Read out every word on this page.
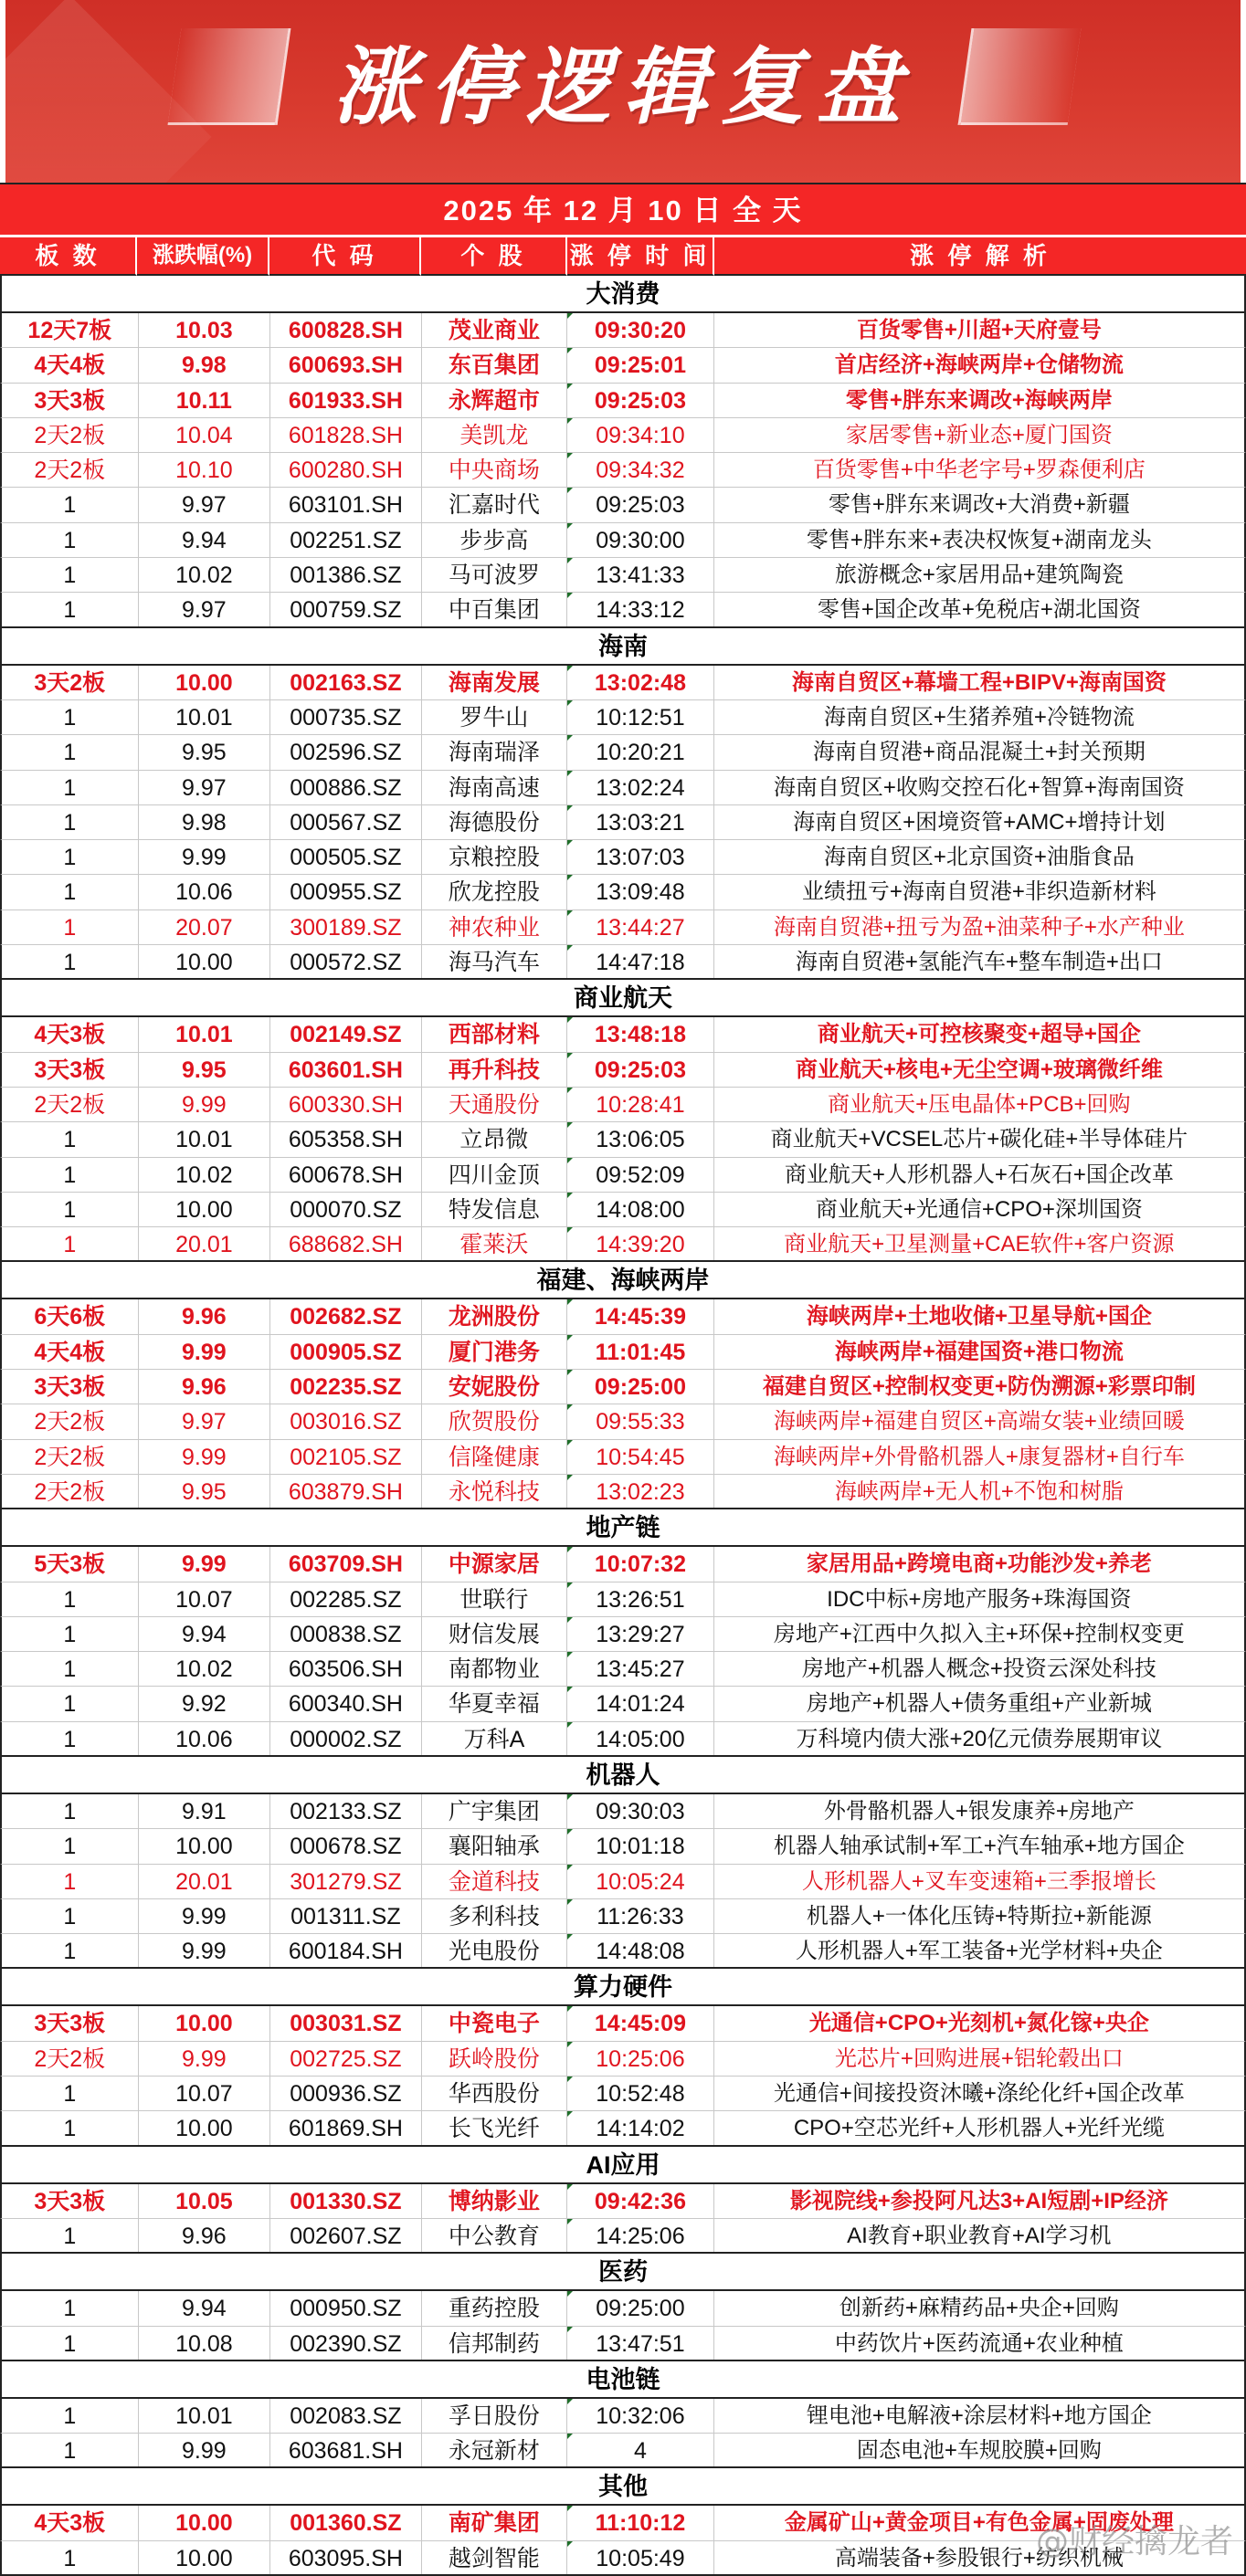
涨停逻辑复盘
2025 年 12 月 10 日 全 天
板 数	涨跌幅(%)	代 码	个 股	涨 停 时 间	涨 停 解 析
大消费
12天7板	10.03	600828.SH	茂业商业	09:30:20	百货零售+川超+天府壹号
4天4板	9.98	600693.SH	东百集团	09:25:01	首店经济+海峡两岸+仓储物流
3天3板	10.11	601933.SH	永辉超市	09:25:03	零售+胖东来调改+海峡两岸
2天2板	10.04	601828.SH	美凯龙	09:34:10	家居零售+新业态+厦门国资
2天2板	10.10	600280.SH	中央商场	09:34:32	百货零售+中华老字号+罗森便利店
1	9.97	603101.SH	汇嘉时代	09:25:03	零售+胖东来调改+大消费+新疆
1	9.94	002251.SZ	步步高	09:30:00	零售+胖东来+表决权恢复+湖南龙头
1	10.02	001386.SZ	马可波罗	13:41:33	旅游概念+家居用品+建筑陶瓷
1	9.97	000759.SZ	中百集团	14:33:12	零售+国企改革+免税店+湖北国资
海南
3天2板	10.00	002163.SZ	海南发展	13:02:48	海南自贸区+幕墙工程+BIPV+海南国资
1	10.01	000735.SZ	罗牛山	10:12:51	海南自贸区+生猪养殖+冷链物流
1	9.95	002596.SZ	海南瑞泽	10:20:21	海南自贸港+商品混凝土+封关预期
1	9.97	000886.SZ	海南高速	13:02:24	海南自贸区+收购交控石化+智算+海南国资
1	9.98	000567.SZ	海德股份	13:03:21	海南自贸区+困境资管+AMC+增持计划
1	9.99	000505.SZ	京粮控股	13:07:03	海南自贸区+北京国资+油脂食品
1	10.06	000955.SZ	欣龙控股	13:09:48	业绩扭亏+海南自贸港+非织造新材料
1	20.07	300189.SZ	神农种业	13:44:27	海南自贸港+扭亏为盈+油菜种子+水产种业
1	10.00	000572.SZ	海马汽车	14:47:18	海南自贸港+氢能汽车+整车制造+出口
商业航天
4天3板	10.01	002149.SZ	西部材料	13:48:18	商业航天+可控核聚变+超导+国企
3天3板	9.95	603601.SH	再升科技	09:25:03	商业航天+核电+无尘空调+玻璃微纤维
2天2板	9.99	600330.SH	天通股份	10:28:41	商业航天+压电晶体+PCB+回购
1	10.01	605358.SH	立昂微	13:06:05	商业航天+VCSEL芯片+碳化硅+半导体硅片
1	10.02	600678.SH	四川金顶	09:52:09	商业航天+人形机器人+石灰石+国企改革
1	10.00	000070.SZ	特发信息	14:08:00	商业航天+光通信+CPO+深圳国资
1	20.01	688682.SH	霍莱沃	14:39:20	商业航天+卫星测量+CAE软件+客户资源
福建、海峡两岸
6天6板	9.96	002682.SZ	龙洲股份	14:45:39	海峡两岸+土地收储+卫星导航+国企
4天4板	9.99	000905.SZ	厦门港务	11:01:45	海峡两岸+福建国资+港口物流
3天3板	9.96	002235.SZ	安妮股份	09:25:00	福建自贸区+控制权变更+防伪溯源+彩票印制
2天2板	9.97	003016.SZ	欣贺股份	09:55:33	海峡两岸+福建自贸区+高端女装+业绩回暖
2天2板	9.99	002105.SZ	信隆健康	10:54:45	海峡两岸+外骨骼机器人+康复器材+自行车
2天2板	9.95	603879.SH	永悦科技	13:02:23	海峡两岸+无人机+不饱和树脂
地产链
5天3板	9.99	603709.SH	中源家居	10:07:32	家居用品+跨境电商+功能沙发+养老
1	10.07	002285.SZ	世联行	13:26:51	IDC中标+房地产服务+珠海国资
1	9.94	000838.SZ	财信发展	13:29:27	房地产+江西中久拟入主+环保+控制权变更
1	10.02	603506.SH	南都物业	13:45:27	房地产+机器人概念+投资云深处科技
1	9.92	600340.SH	华夏幸福	14:01:24	房地产+机器人+债务重组+产业新城
1	10.06	000002.SZ	万科A	14:05:00	万科境内债大涨+20亿元债券展期审议
机器人
1	9.91	002133.SZ	广宇集团	09:30:03	外骨骼机器人+银发康养+房地产
1	10.00	000678.SZ	襄阳轴承	10:01:18	机器人轴承试制+军工+汽车轴承+地方国企
1	20.01	301279.SZ	金道科技	10:05:24	人形机器人+叉车变速箱+三季报增长
1	9.99	001311.SZ	多利科技	11:26:33	机器人+一体化压铸+特斯拉+新能源
1	9.99	600184.SH	光电股份	14:48:08	人形机器人+军工装备+光学材料+央企
算力硬件
3天3板	10.00	003031.SZ	中瓷电子	14:45:09	光通信+CPO+光刻机+氮化镓+央企
2天2板	9.99	002725.SZ	跃岭股份	10:25:06	光芯片+回购进展+铝轮毂出口
1	10.07	000936.SZ	华西股份	10:52:48	光通信+间接投资沐曦+涤纶化纤+国企改革
1	10.00	601869.SH	长飞光纤	14:14:02	CPO+空芯光纤+人形机器人+光纤光缆
AI应用
3天3板	10.05	001330.SZ	博纳影业	09:42:36	影视院线+参投阿凡达3+AI短剧+IP经济
1	9.96	002607.SZ	中公教育	14:25:06	AI教育+职业教育+AI学习机
医药
1	9.94	000950.SZ	重药控股	09:25:00	创新药+麻精药品+央企+回购
1	10.08	002390.SZ	信邦制药	13:47:51	中药饮片+医药流通+农业种植
电池链
1	10.01	002083.SZ	孚日股份	10:32:06	锂电池+电解液+涂层材料+地方国企
1	9.99	603681.SH	永冠新材	4	固态电池+车规胶膜+回购
其他
4天3板	10.00	001360.SZ	南矿集团	11:10:12	金属矿山+黄金项目+有色金属+固废处理
1	10.00	603095.SH	越剑智能	10:05:49	高端装备+参股银行+纺织机械
@财经擒龙者
